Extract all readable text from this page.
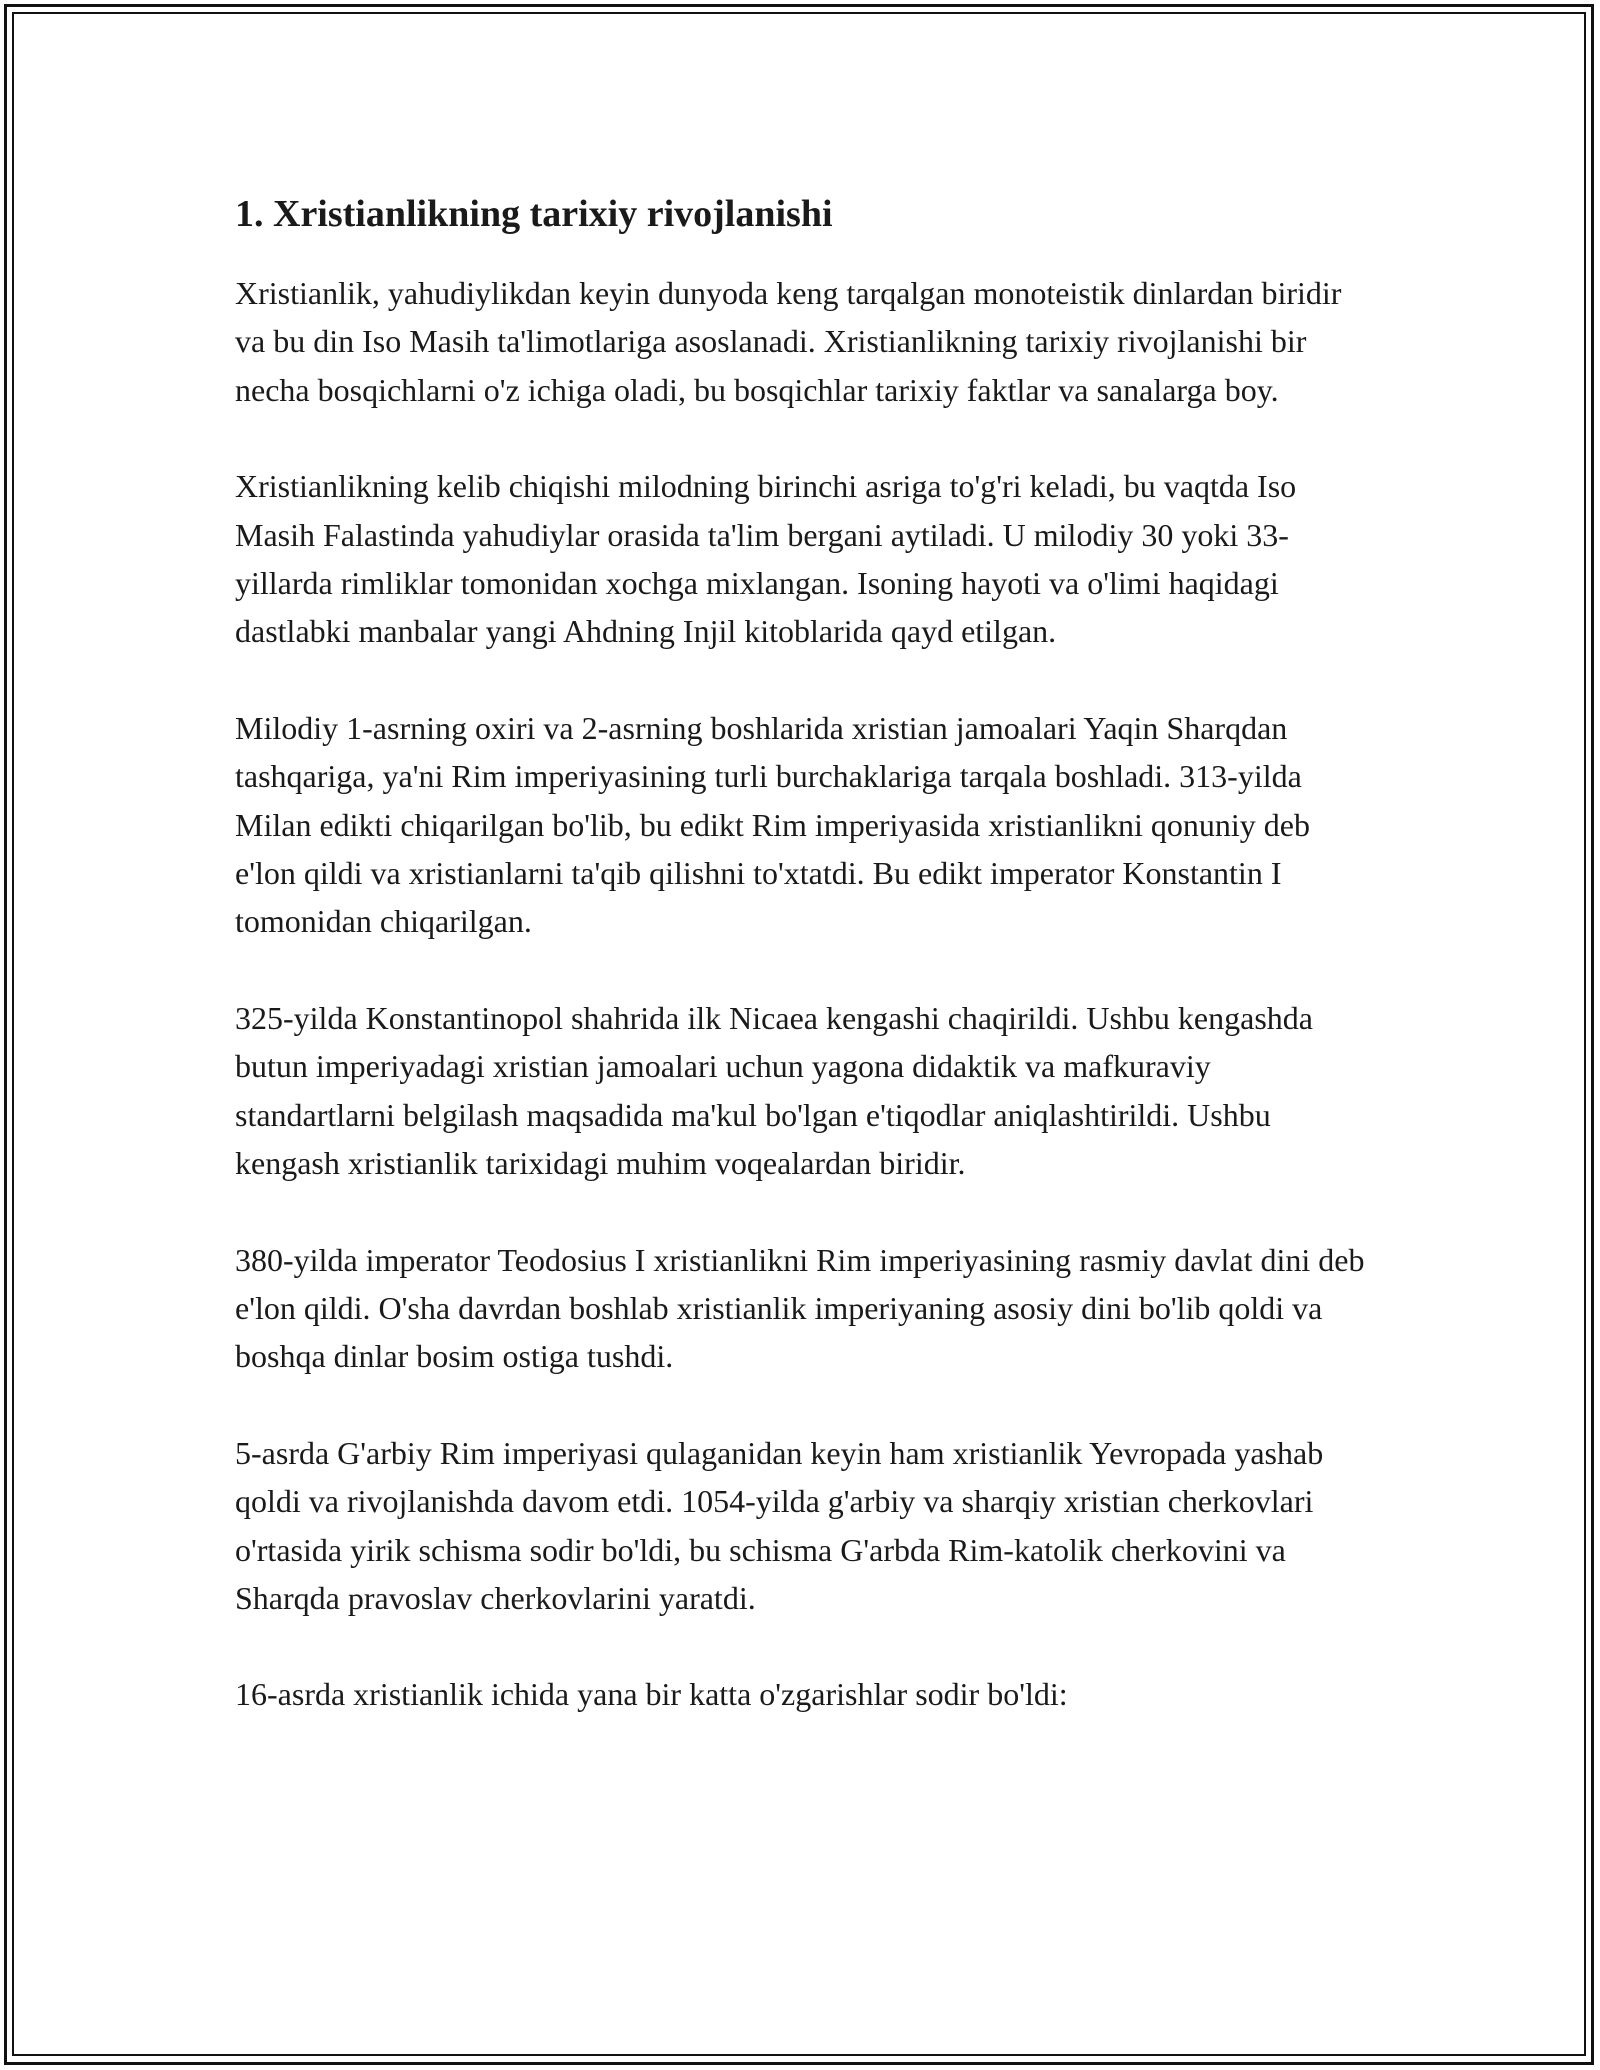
1. Xristianlikning tarixiy rivojlanishi

Xristianlik, yahudiylikdan keyin dunyoda keng tarqalgan monoteistik dinlardan biridir va bu din Iso Masih ta'limotlariga asoslanadi. Xristianlikning tarixiy rivojlanishi bir necha bosqichlarni o'z ichiga oladi, bu bosqichlar tarixiy faktlar va sanalarga boy.

Xristianlikning kelib chiqishi milodning birinchi asriga to'g'ri keladi, bu vaqtda Iso Masih Falastinda yahudiylar orasida ta'lim bergani aytiladi. U milodiy 30 yoki 33-yillarda rimliklar tomonidan xochga mixlangan. Isoning hayoti va o'limi haqidagi dastlabki manbalar yangi Ahdning Injil kitoblarida qayd etilgan.

Milodiy 1-asrning oxiri va 2-asrning boshlarida xristian jamoalari Yaqin Sharqdan tashqariga, ya'ni Rim imperiyasining turli burchaklariga tarqala boshladi. 313-yilda Milan edikti chiqarilgan bo'lib, bu edikt Rim imperiyasida xristianlikni qonuniy deb e'lon qildi va xristianlarni ta'qib qilishni to'xtatdi. Bu edikt imperator Konstantin I tomonidan chiqarilgan.

325-yilda Konstantinopol shahrida ilk Nicaea kengashi chaqirildi. Ushbu kengashda butun imperiyadagi xristian jamoalari uchun yagona didaktik va mafkuraviy standartlarni belgilash maqsadida ma'kul bo'lgan e'tiqodlar aniqlashtirildi. Ushbu kengash xristianlik tarixidagi muhim voqealardan biridir.

380-yilda imperator Teodosius I xristianlikni Rim imperiyasining rasmiy davlat dini deb e'lon qildi. O'sha davrdan boshlab xristianlik imperiyaning asosiy dini bo'lib qoldi va boshqa dinlar bosim ostiga tushdi.

5-asrda G'arbiy Rim imperiyasi qulaganidan keyin ham xristianlik Yevropada yashab qoldi va rivojlanishda davom etdi. 1054-yilda g'arbiy va sharqiy xristian cherkovlari o'rtasida yirik schisma sodir bo'ldi, bu schisma G'arbda Rim-katolik cherkovini va Sharqda pravoslav cherkovlarini yaratdi.

16-asrda xristianlik ichida yana bir katta o'zgarishlar sodir bo'ldi:
